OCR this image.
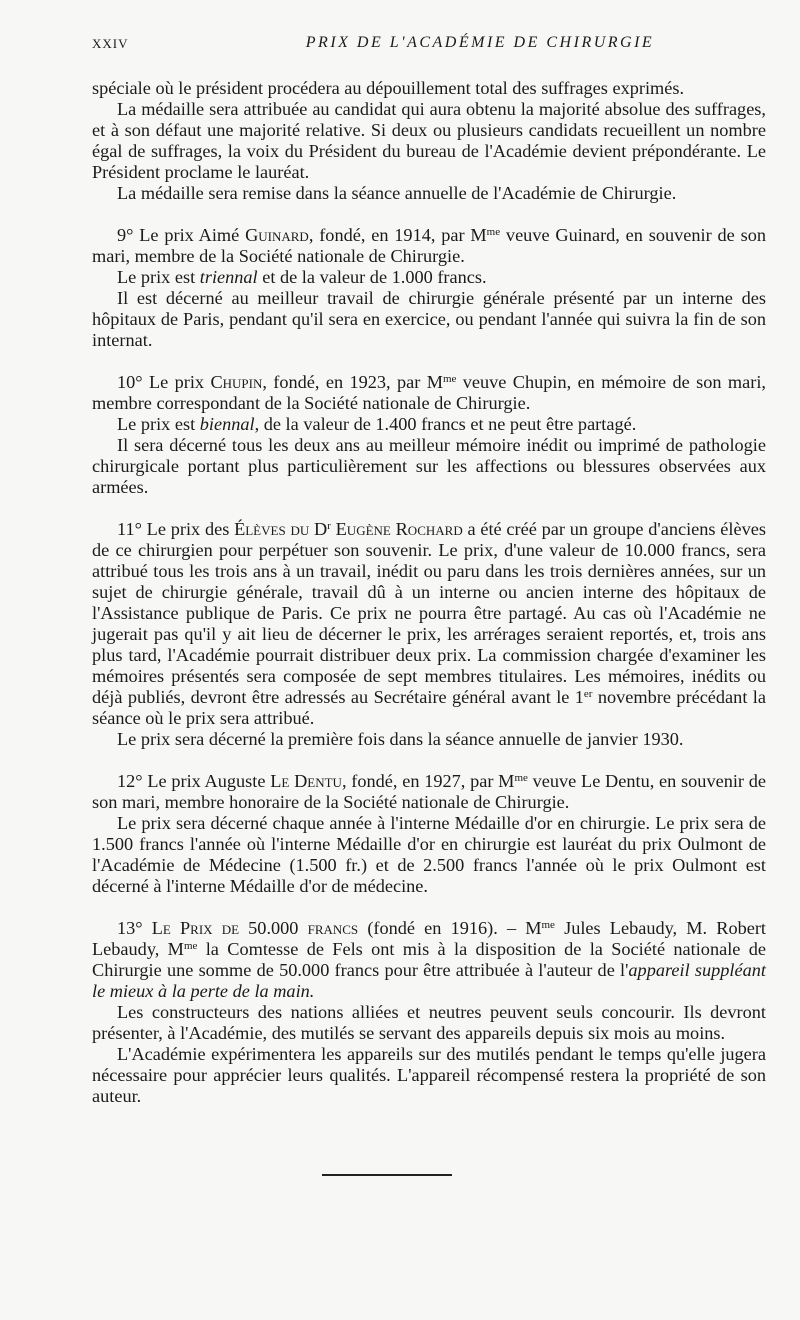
XXIV	PRIX DE L'ACADÉMIE DE CHIRURGIE

spéciale où le président procédera au dépouillement total des suffrages exprimés.

La médaille sera attribuée au candidat qui aura obtenu la majorité absolue des suffrages, et à son défaut une majorité relative. Si deux ou plusieurs candidats recueillent un nombre égal de suffrages, la voix du Président du bureau de l'Académie devient prépondérante. Le Président proclame le lauréat.

La médaille sera remise dans la séance annuelle de l'Académie de Chirurgie.

9° Le prix Aimé Guinard, fondé, en 1914, par $M^{me}$ veuve Guinard, en souvenir de son mari, membre de la Société nationale de Chirurgie.

Le prix est triennal et de la valeur de 1.000 francs.

Il est décerné au meilleur travail de chirurgie générale présenté par un interne des hôpitaux de Paris, pendant qu'il sera en exercice, ou pendant l'année qui suivra la fin de son internat.

10° Le prix Chupin, fondé, en 1923, par $M^{me}$ veuve Chupin, en mémoire de son mari, membre correspondant de la Société nationale de Chirurgie.

Le prix est biennal, de la valeur de 1.400 francs et ne peut être partagé.

Il sera décerné tous les deux ans au meilleur mémoire inédit ou imprimé de pathologie chirurgicale portant plus particulièrement sur les affections ou blessures observées aux armées.

11° Le prix des Élèves du $D^r$ Eugène Rochard a été créé par un groupe d'anciens élèves de ce chirurgien pour perpétuer son souvenir. Le prix, d'une valeur de 10.000 francs, sera attribué tous les trois ans à un travail, inédit ou paru dans les trois dernières années, sur un sujet de chirurgie générale, travail dû à un interne ou ancien interne des hôpitaux de l'Assistance publique de Paris. Ce prix ne pourra être partagé. Au cas où l'Académie ne jugerait pas qu'il y ait lieu de décerner le prix, les arrérages seraient reportés, et, trois ans plus tard, l'Académie pourrait distribuer deux prix. La commission chargée d'examiner les mémoires présentés sera composée de sept membres titulaires. Les mémoires, inédits ou déjà publiés, devront être adressés au Secrétaire général avant le 1er novembre précédant la séance où le prix sera attribué.

Le prix sera décerné la première fois dans la séance annuelle de janvier 1930.

12° Le prix Auguste Le Dentu, fondé, en 1927, par $M^{me}$ veuve Le Dentu, en souvenir de son mari, membre honoraire de la Société nationale de Chirurgie.

Le prix sera décerné chaque année à l'interne Médaille d'or en chirurgie. Le prix sera de 1.500 francs l'année où l'interne Médaille d'or en chirurgie est lauréat du prix Oulmont de l'Académie de Médecine (1.500 fr.) et de 2.500 francs l'année où le prix Oulmont est décerné à l'interne Médaille d'or de médecine.

13° Le Prix de 50.000 francs (fondé en 1916). – $M^{me}$ Jules Lebaudy, M. Robert Lebaudy, $M^{me}$ la Comtesse de Fels ont mis à la disposition de la Société nationale de Chirurgie une somme de 50.000 francs pour être attribuée à l'auteur de l'appareil suppléant le mieux à la perte de la main.

Les constructeurs des nations alliées et neutres peuvent seuls concourir. Ils devront présenter, à l'Académie, des mutilés se servant des appareils depuis six mois au moins.

L'Académie expérimentera les appareils sur des mutilés pendant le temps qu'elle jugera nécessaire pour apprécier leurs qualités. L'appareil récompensé restera la propriété de son auteur.
